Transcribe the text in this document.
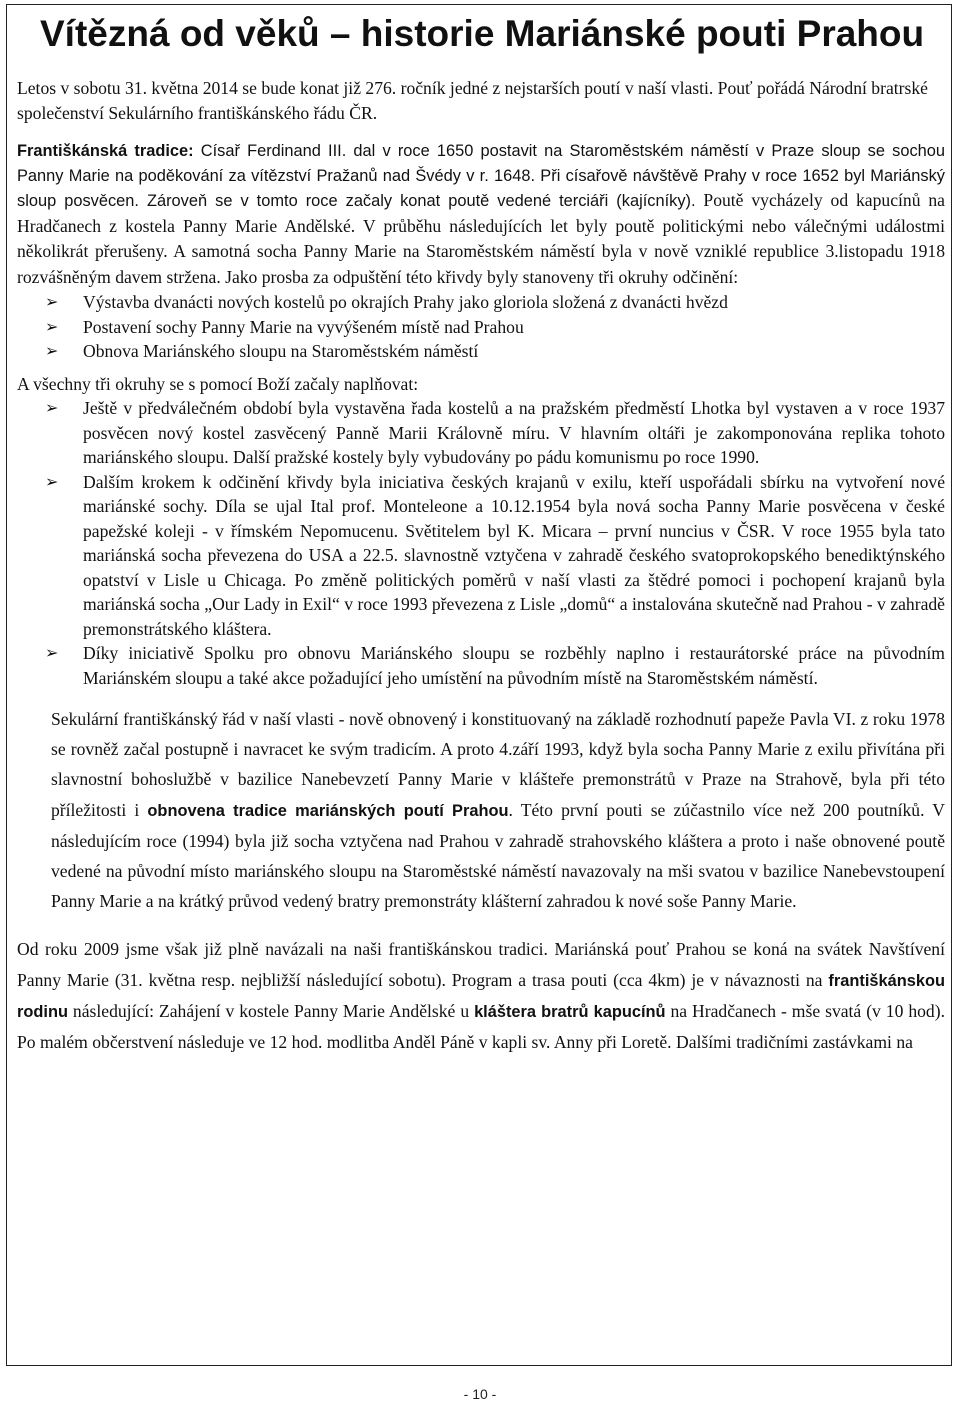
Vítězná od věků – historie Mariánské pouti Prahou

Letos v sobotu 31. května 2014 se bude konat již 276. ročník jedné z nejstarších poutí v naší vlasti. Pouť pořádá Národní bratrské společenství Sekulárního františkánského řádu ČR.

Františkánská tradice: Císař Ferdinand III. dal v roce 1650 postavit na Staroměstském náměstí v Praze sloup se sochou Panny Marie na poděkování za vítězství Pražanů nad Švédy v r. 1648. Při císařově návštěvě Prahy v roce 1652 byl Mariánský sloup posvěcen. Zároveň se v tomto roce začaly konat poutě vedené terciáři (kajícníky). Poutě vycházely od kapucínů na Hradčanech z kostela Panny Marie Andělské. V průběhu následujících let byly poutě politickými nebo válečnými událostmi několikrát přerušeny. A samotná socha Panny Marie na Staroměstském náměstí byla v nově vzniklé republice 3.listopadu 1918 rozvášněným davem stržena. Jako prosba za odpuštění této křivdy byly stanoveny tři okruhy odčinění:

➢ Výstavba dvanácti nových kostelů po okrajích Prahy jako gloriola složená z dvanácti hvězd
➢ Postavení sochy Panny Marie na vyvýšeném místě nad Prahou
➢ Obnova Mariánského sloupu na Staroměstském náměstí

A všechny tři okruhy se s pomocí Boží začaly naplňovat:

➢ Ještě v předválečném období byla vystavěna řada kostelů a na pražském předměstí Lhotka byl vystaven a v roce 1937 posvěcen nový kostel zasvěcený Panně Marii Královně míru. V hlavním oltáři je zakomponována replika tohoto mariánského sloupu. Další pražské kostely byly vybudovány po pádu komunismu po roce 1990.
➢ Dalším krokem k odčinění křivdy byla iniciativa českých krajanů v exilu, kteří uspořádali sbírku na vytvoření nové mariánské sochy. Díla se ujal Ital prof. Monteleone a 10.12.1954 byla nová socha Panny Marie posvěcena v české papežské koleji - v římském Nepomucenu. Světitelem byl K. Micara – první nuncius v ČSR. V roce 1955 byla tato mariánská socha převezena do USA a 22.5. slavnostně vztyčena v zahradě českého svatoprokopského benediktýnského opatství v Lisle u Chicaga. Po změně politických poměrů v naší vlasti za štědré pomoci i pochopení krajanů byla mariánská socha „Our Lady in Exil“ v roce 1993 převezena z Lisle „domů“ a instalována skutečně nad Prahou - v zahradě premonstrátského kláštera.
➢ Díky iniciativě Spolku pro obnovu Mariánského sloupu se rozběhly naplno i restaurátorské práce na původním Mariánském sloupu a také akce požadující jeho umístění na původním místě na Staroměstském náměstí.

Sekulární františkánský řád v naší vlasti - nově obnovený i konstituovaný na základě rozhodnutí papeže Pavla VI. z roku 1978 se rovněž začal postupně i navracet ke svým tradicím. A proto 4.září 1993, když byla socha Panny Marie z exilu přivítána při slavnostní bohoslužbě v bazilice Nanebevzetí Panny Marie v klášteře premonstrátů v Praze na Strahově, byla při této příležitosti i obnovena tradice mariánských poutí Prahou. Této první pouti se zúčastnilo více než 200 poutníků. V následujícím roce (1994) byla již socha vztyčena nad Prahou v zahradě strahovského kláštera a proto i naše obnovené poutě vedené na původní místo mariánského sloupu na Staroměstské náměstí navazovaly na mši svatou v bazilice Nanebevstoupení Panny Marie a na krátký průvod vedený bratry premonstráty klášterní zahradou k nové soše Panny Marie.

Od roku 2009 jsme však již plně navázali na naši františkánskou tradici. Mariánská pouť Prahou se koná na svátek Navštívení Panny Marie (31. května resp. nejbližší následující sobotu). Program a trasa pouti (cca 4km) je v návaznosti na františkánskou rodinu následující: Zahájení v kostele Panny Marie Andělské u kláštera bratrů kapucínů na Hradčanech - mše svatá (v 10 hod). Po malém občerstvení následuje ve 12 hod. modlitba Anděl Páně v kapli sv. Anny při Loretě. Dalšími tradičními zastávkami na

- 10 -
